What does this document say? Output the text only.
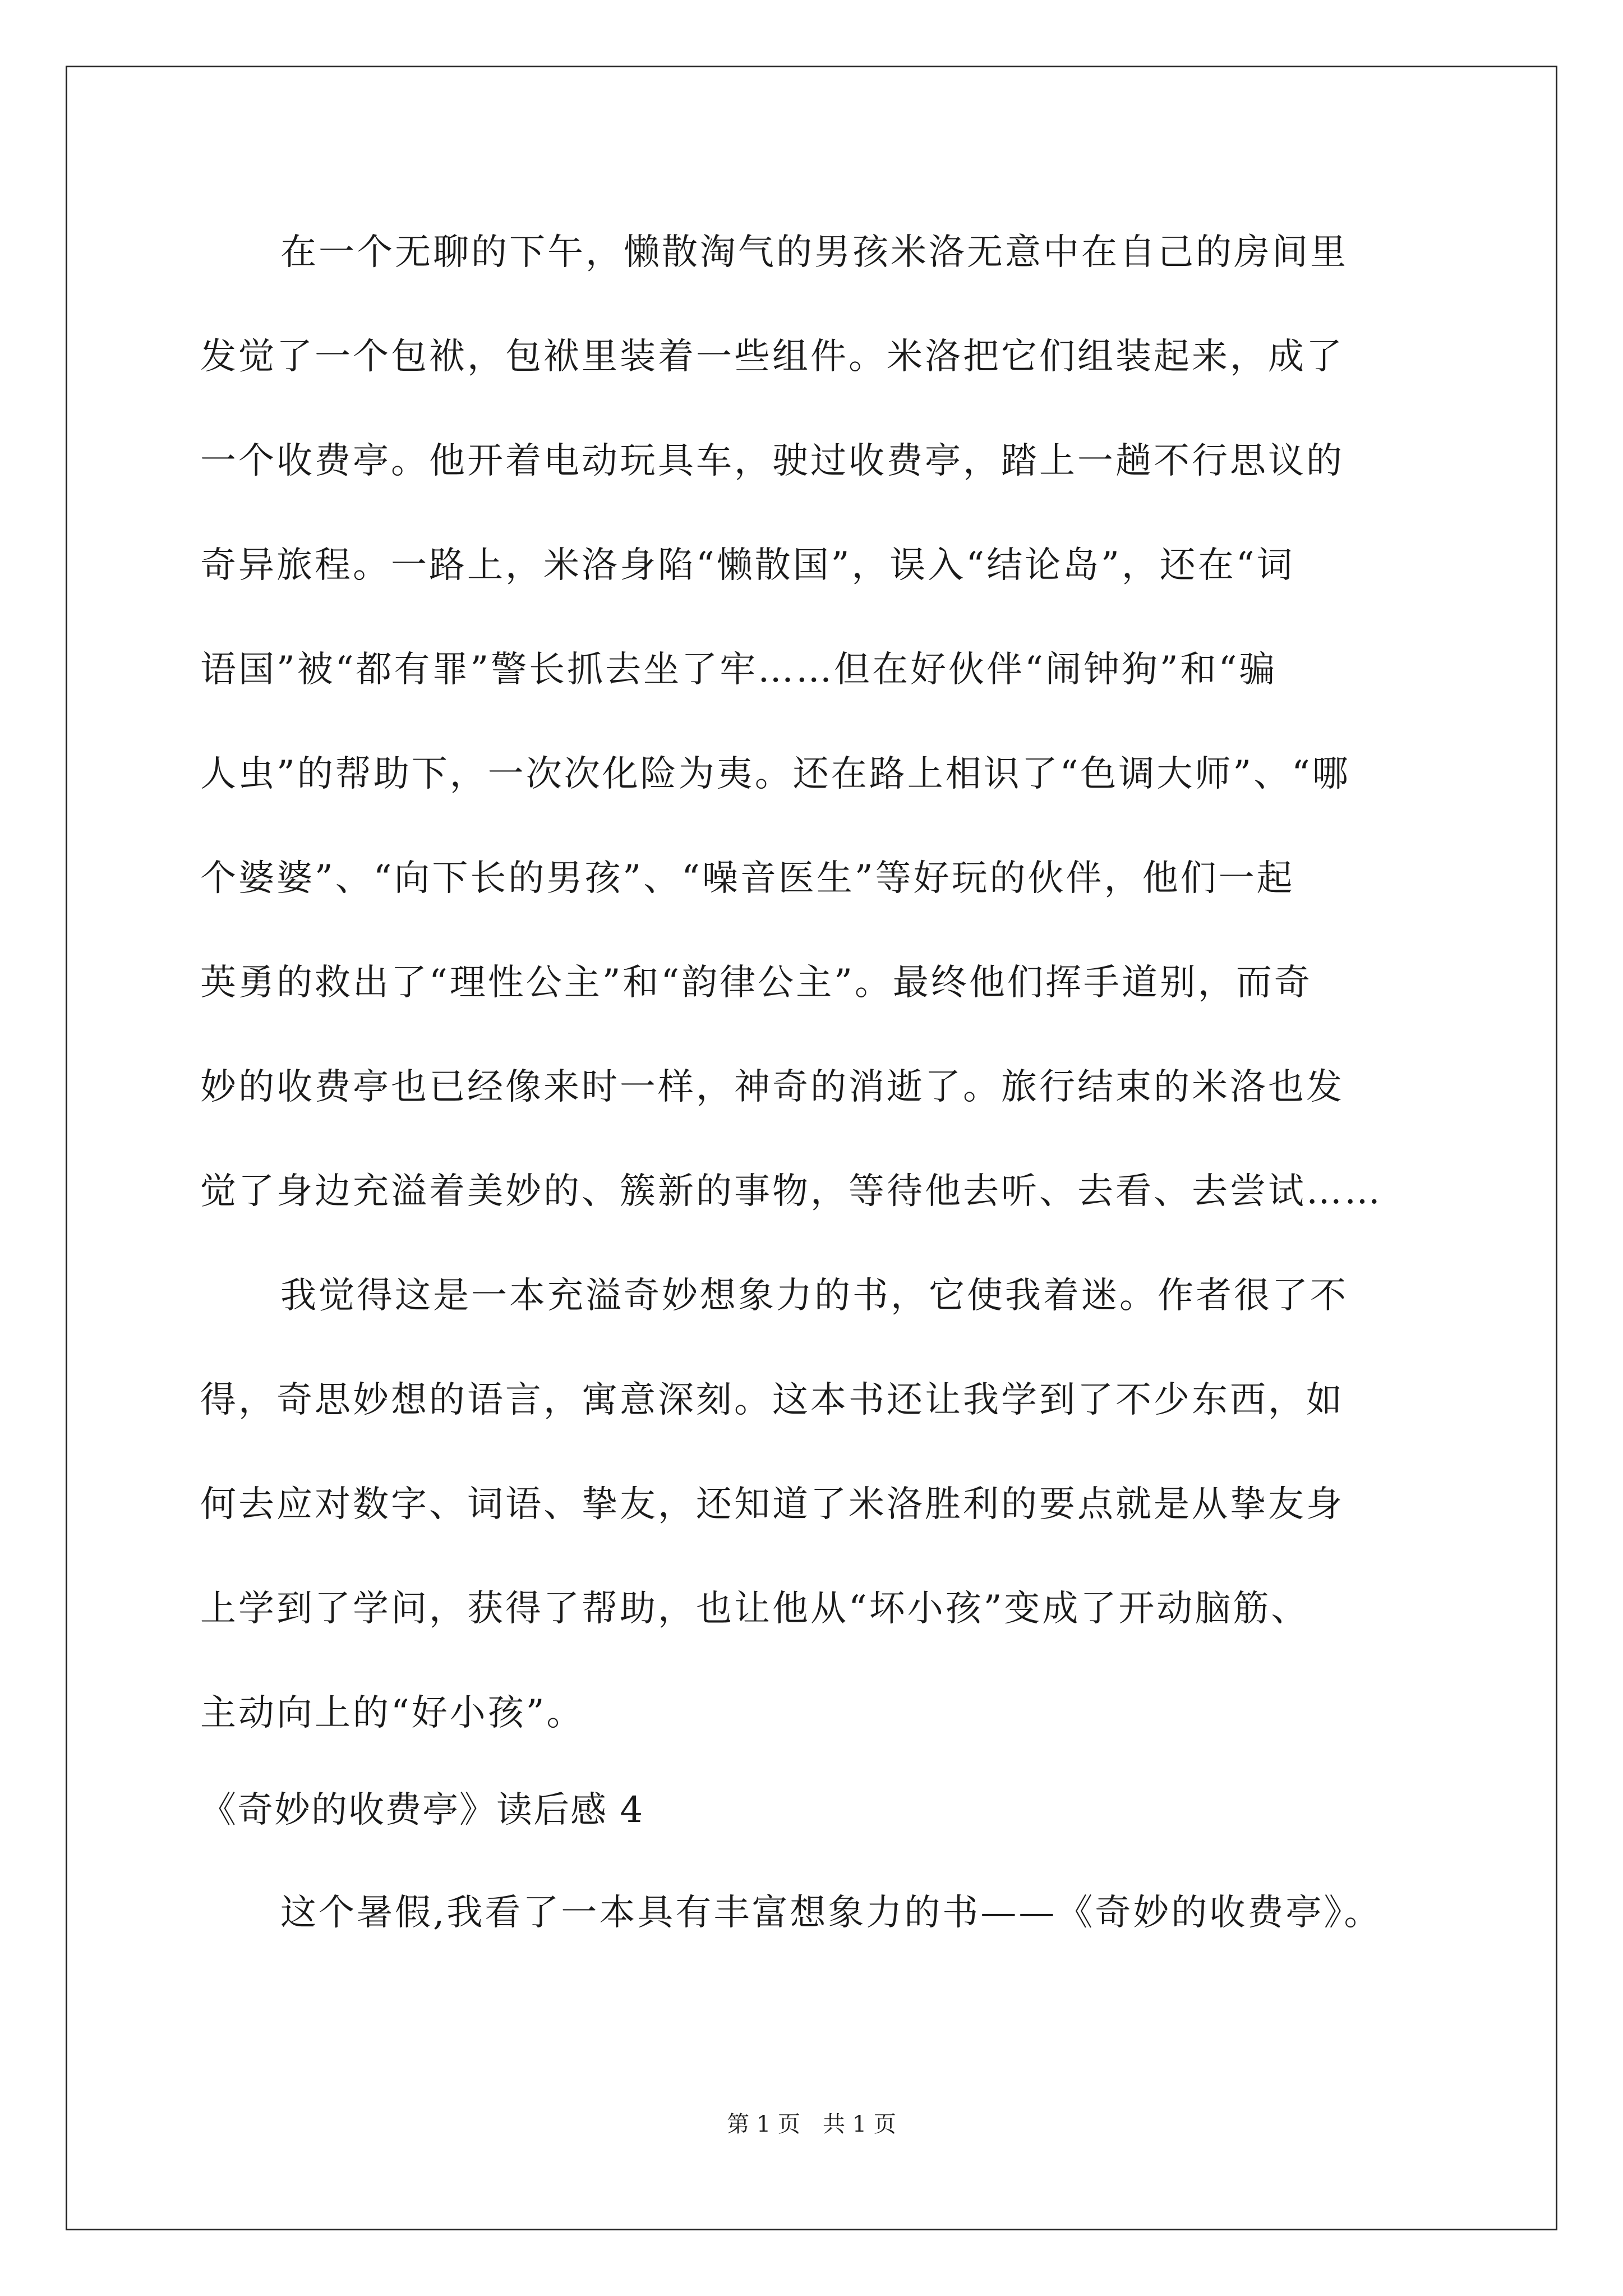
在一个无聊的下午，懒散淘气的男孩米洛无意中在自己的房间里
发觉了一个包袱，包袱里装着一些组件。米洛把它们组装起来，成了
一个收费亭。他开着电动玩具车，驶过收费亭，踏上一趟不行思议的
奇异旅程。一路上，米洛身陷“懒散国”，误入“结论岛”，还在“词
语国”被“都有罪”警长抓去坐了牢……但在好伙伴“闹钟狗”和“骗
人虫”的帮助下，一次次化险为夷。还在路上相识了“色调大师”、“哪
个婆婆”、“向下长的男孩”、“噪音医生”等好玩的伙伴，他们一起
英勇的救出了“理性公主”和“韵律公主”。最终他们挥手道别，而奇
妙的收费亭也已经像来时一样，神奇的消逝了。旅行结束的米洛也发
觉了身边充溢着美妙的、簇新的事物，等待他去听、去看、去尝试……
我觉得这是一本充溢奇妙想象力的书，它使我着迷。作者很了不
得，奇思妙想的语言，寓意深刻。这本书还让我学到了不少东西，如
何去应对数字、词语、挚友，还知道了米洛胜利的要点就是从挚友身
上学到了学问，获得了帮助，也让他从“坏小孩”变成了开动脑筋、
主动向上的“好小孩”。
《奇妙的收费亭》读后感 4
这个暑假,我看了一本具有丰富想象力的书——《奇妙的收费亭》。
第 1 页　共 1 页
